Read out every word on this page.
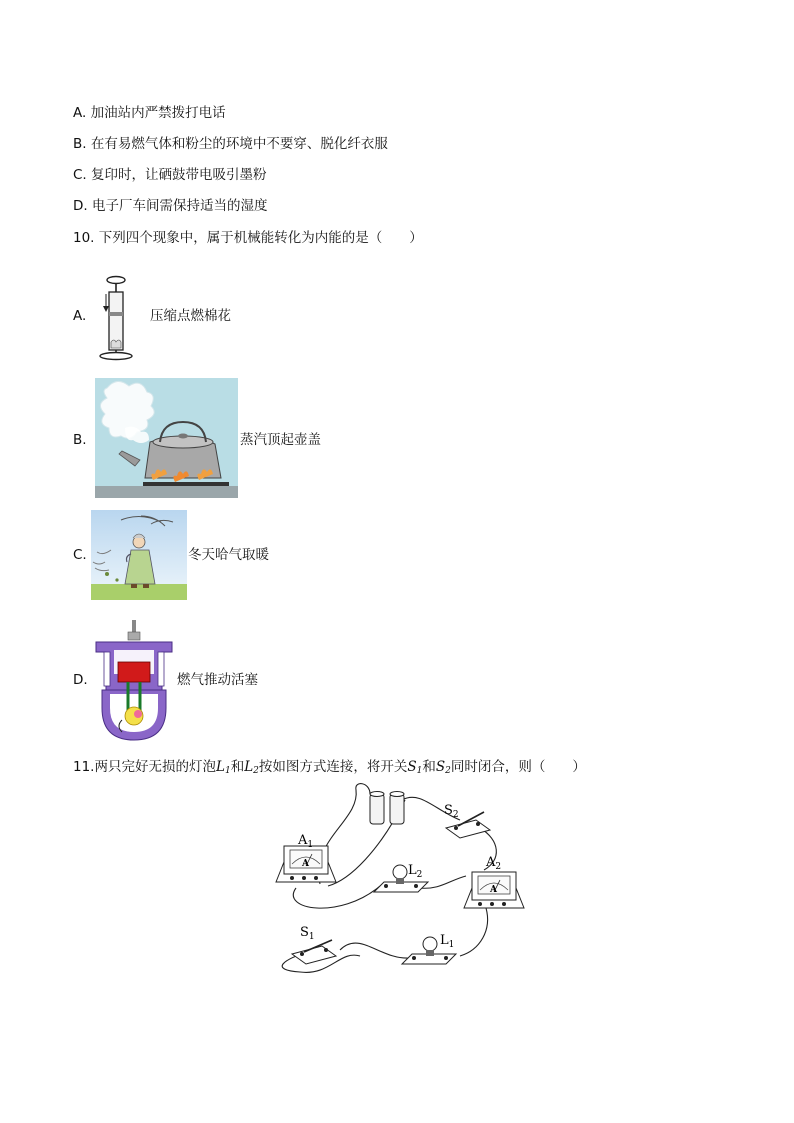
A. 加油站内严禁拨打电话
B. 在有易燃气体和粉尘的环境中不要穿、脱化纤衣服
C. 复印时，让硒鼓带电吸引墨粉
D. 电子厂车间需保持适当的湿度
10. 下列四个现象中，属于机械能转化为内能的是（　　）
A.	压缩点燃棉花
B.	蒸汽顶起壶盖
C.	冬天哈气取暖
D.	燃气推动活塞
11.两只完好无损的灯泡$L_1$和$L_2$按如图方式连接，将开关$S_1$和$S_2$同时闭合，则（　　）
$S_2$
A
$A_1$
$L_2$
A
$A_2$
$S_1$	$L_1$
